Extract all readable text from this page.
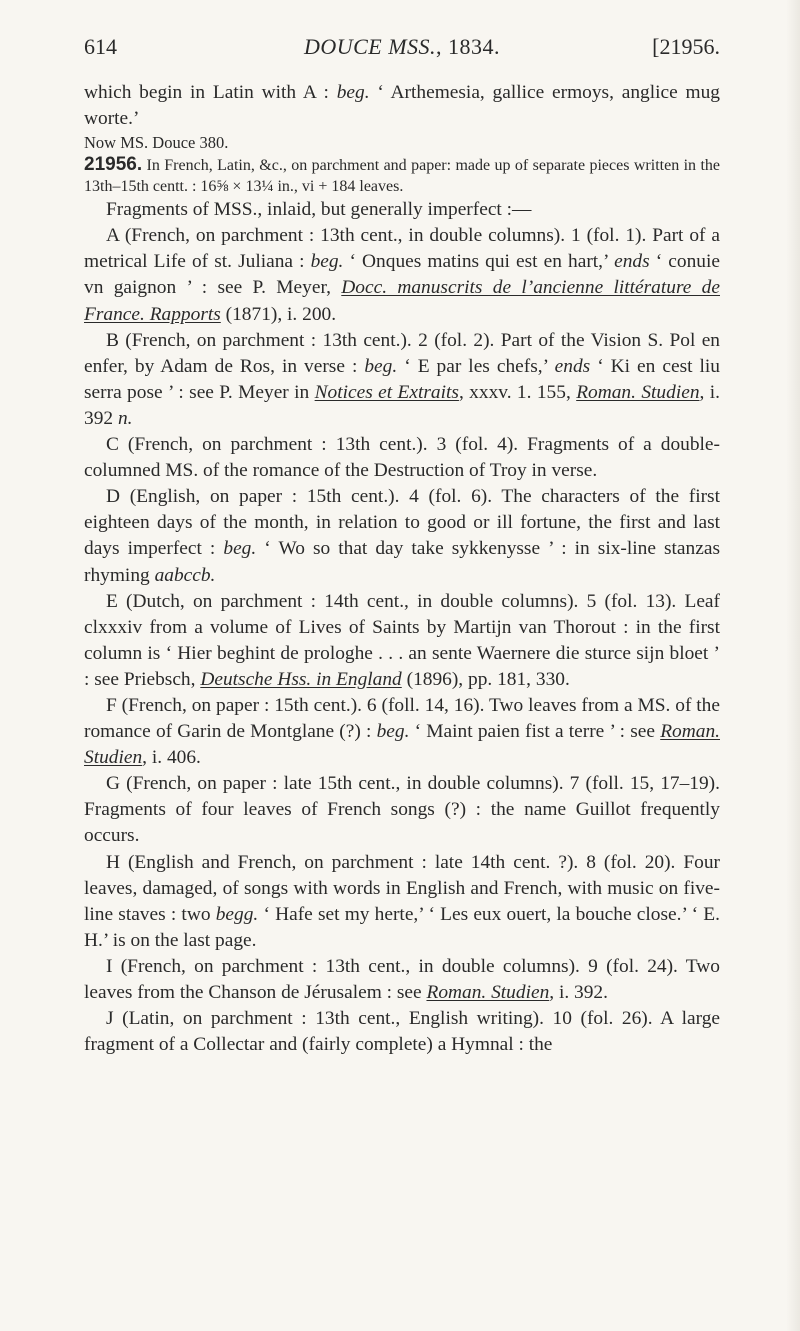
614	DOUCE MSS., 1834.	[21956.

which begin in Latin with A : beg. ‘ Arthemesia, gallice ermoys, anglice mug worte.’

Now MS. Douce 380.

21956. In French, Latin, &c., on parchment and paper: made up of separate pieces written in the 13th–15th centt. : 16⅝ × 13¼ in., vi + 184 leaves.

Fragments of MSS., inlaid, but generally imperfect :—

A (French, on parchment : 13th cent., in double columns). 1 (fol. 1). Part of a metrical Life of st. Juliana : beg. ‘ Onques matins qui est en hart,’ ends ‘ conuie vn gaignon ’ : see P. Meyer, Docc. manuscrits de l’ancienne littérature de France. Rapports (1871), i. 200.

B (French, on parchment : 13th cent.). 2 (fol. 2). Part of the Vision S. Pol en enfer, by Adam de Ros, in verse : beg. ‘ E par les chefs,’ ends ‘ Ki en cest liu serra pose ’ : see P. Meyer in Notices et Extraits, xxxv. 1. 155, Roman. Studien, i. 392 n.

C (French, on parchment : 13th cent.). 3 (fol. 4). Fragments of a double-columned MS. of the romance of the Destruction of Troy in verse.

D (English, on paper : 15th cent.). 4 (fol. 6). The characters of the first eighteen days of the month, in relation to good or ill fortune, the first and last days imperfect : beg. ‘ Wo so that day take sykkenysse ’ : in six-line stanzas rhyming aabccb.

E (Dutch, on parchment : 14th cent., in double columns). 5 (fol. 13). Leaf clxxxiv from a volume of Lives of Saints by Martijn van Thorout : in the first column is ‘ Hier beghint de prologhe . . . an sente Waernere die sturce sijn bloet ’ : see Priebsch, Deutsche Hss. in England (1896), pp. 181, 330.

F (French, on paper : 15th cent.). 6 (foll. 14, 16). Two leaves from a MS. of the romance of Garin de Montglane (?) : beg. ‘ Maint paien fist a terre ’ : see Roman. Studien, i. 406.

G (French, on paper : late 15th cent., in double columns). 7 (foll. 15, 17–19). Fragments of four leaves of French songs (?) : the name Guillot frequently occurs.

H (English and French, on parchment : late 14th cent. ?). 8 (fol. 20). Four leaves, damaged, of songs with words in English and French, with music on five-line staves : two begg. ‘ Hafe set my herte,’ ‘ Les eux ouert, la bouche close.’ ‘ E. H.’ is on the last page.

I (French, on parchment : 13th cent., in double columns). 9 (fol. 24). Two leaves from the Chanson de Jérusalem : see Roman. Studien, i. 392.

J (Latin, on parchment : 13th cent., English writing). 10 (fol. 26). A large fragment of a Collectar and (fairly complete) a Hymnal : the
